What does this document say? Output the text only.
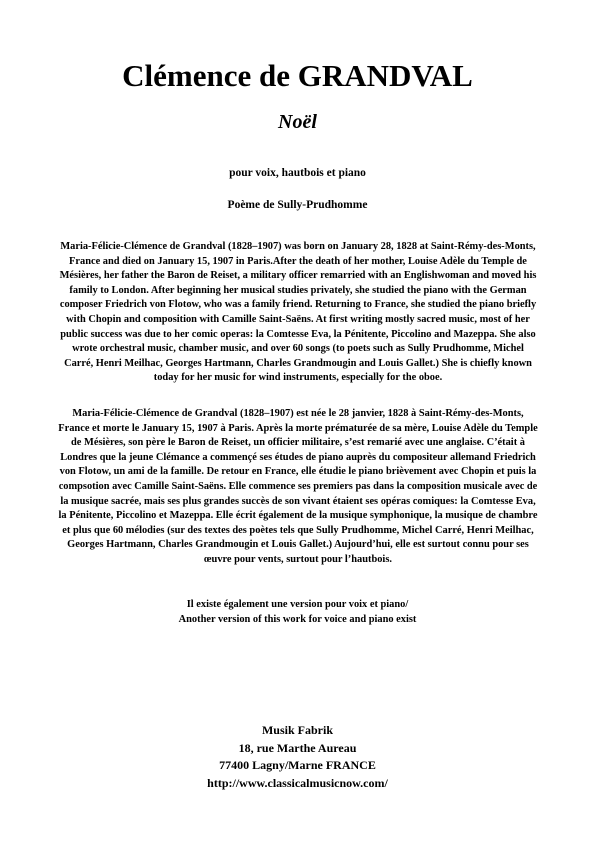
Clémence de GRANDVAL
Noël
pour voix, hautbois et piano
Poème de Sully-Prudhomme

Maria-Félicie-Clémence de Grandval (1828–1907) was born on January 28, 1828 at Saint-Rémy-des-Monts, France and died on January 15, 1907 in Paris.After the death of her mother, Louise Adèle du Temple de Mésières, her father the Baron de Reiset, a military officer remarried with an Englishwoman and moved his family to London. After beginning her musical studies privately, she studied the piano with the German composer Friedrich von Flotow, who was a family friend. Returning to France, she studied the piano briefly with Chopin and composition with Camille Saint-Saëns. At first writing mostly sacred music, most of her public success was due to her comic operas: la Comtesse Eva, la Pénitente, Piccolino and Mazeppa. She also wrote orchestral music, chamber music, and over 60 songs (to poets such as Sully Prudhomme, Michel Carré, Henri Meilhac, Georges Hartmann, Charles Grandmougin and Louis Gallet.) She is chiefly known today for her music for wind instruments, especially for the oboe.

Maria-Félicie-Clémence de Grandval (1828–1907) est née le 28 janvier, 1828 à Saint-Rémy-des-Monts, France et morte le January 15, 1907 à Paris. Après la morte prématurée de sa mère, Louise Adèle du Temple de Mésières, son père le Baron de Reiset, un officier militaire, s’est remarié avec une anglaise. C’était à Londres que la jeune Clémance a commençé ses études de piano auprès du compositeur allemand Friedrich von Flotow, un ami de la famille. De retour en France, elle étudie le piano brièvement avec Chopin et puis la compsotion avec Camille Saint-Saëns. Elle commence ses premiers pas dans la composition musicale avec de la musique sacrée, mais ses plus grandes succès de son vivant étaient ses opéras comiques: la Comtesse Eva, la Pénitente, Piccolino et Mazeppa. Elle écrit également de la musique symphonique, la musique de chambre et plus que 60 mélodies (sur des textes des poètes tels que Sully Prudhomme, Michel Carré, Henri Meilhac, Georges Hartmann, Charles Grandmougin et Louis Gallet.) Aujourd’hui, elle est surtout connu pour ses œuvre pour vents, surtout pour l’hautbois.

Il existe également une version pour voix et piano/
Another version of this work for voice and piano exist
Musik Fabrik
18, rue Marthe Aureau
77400 Lagny/Marne FRANCE
http://www.classicalmusicnow.com/
